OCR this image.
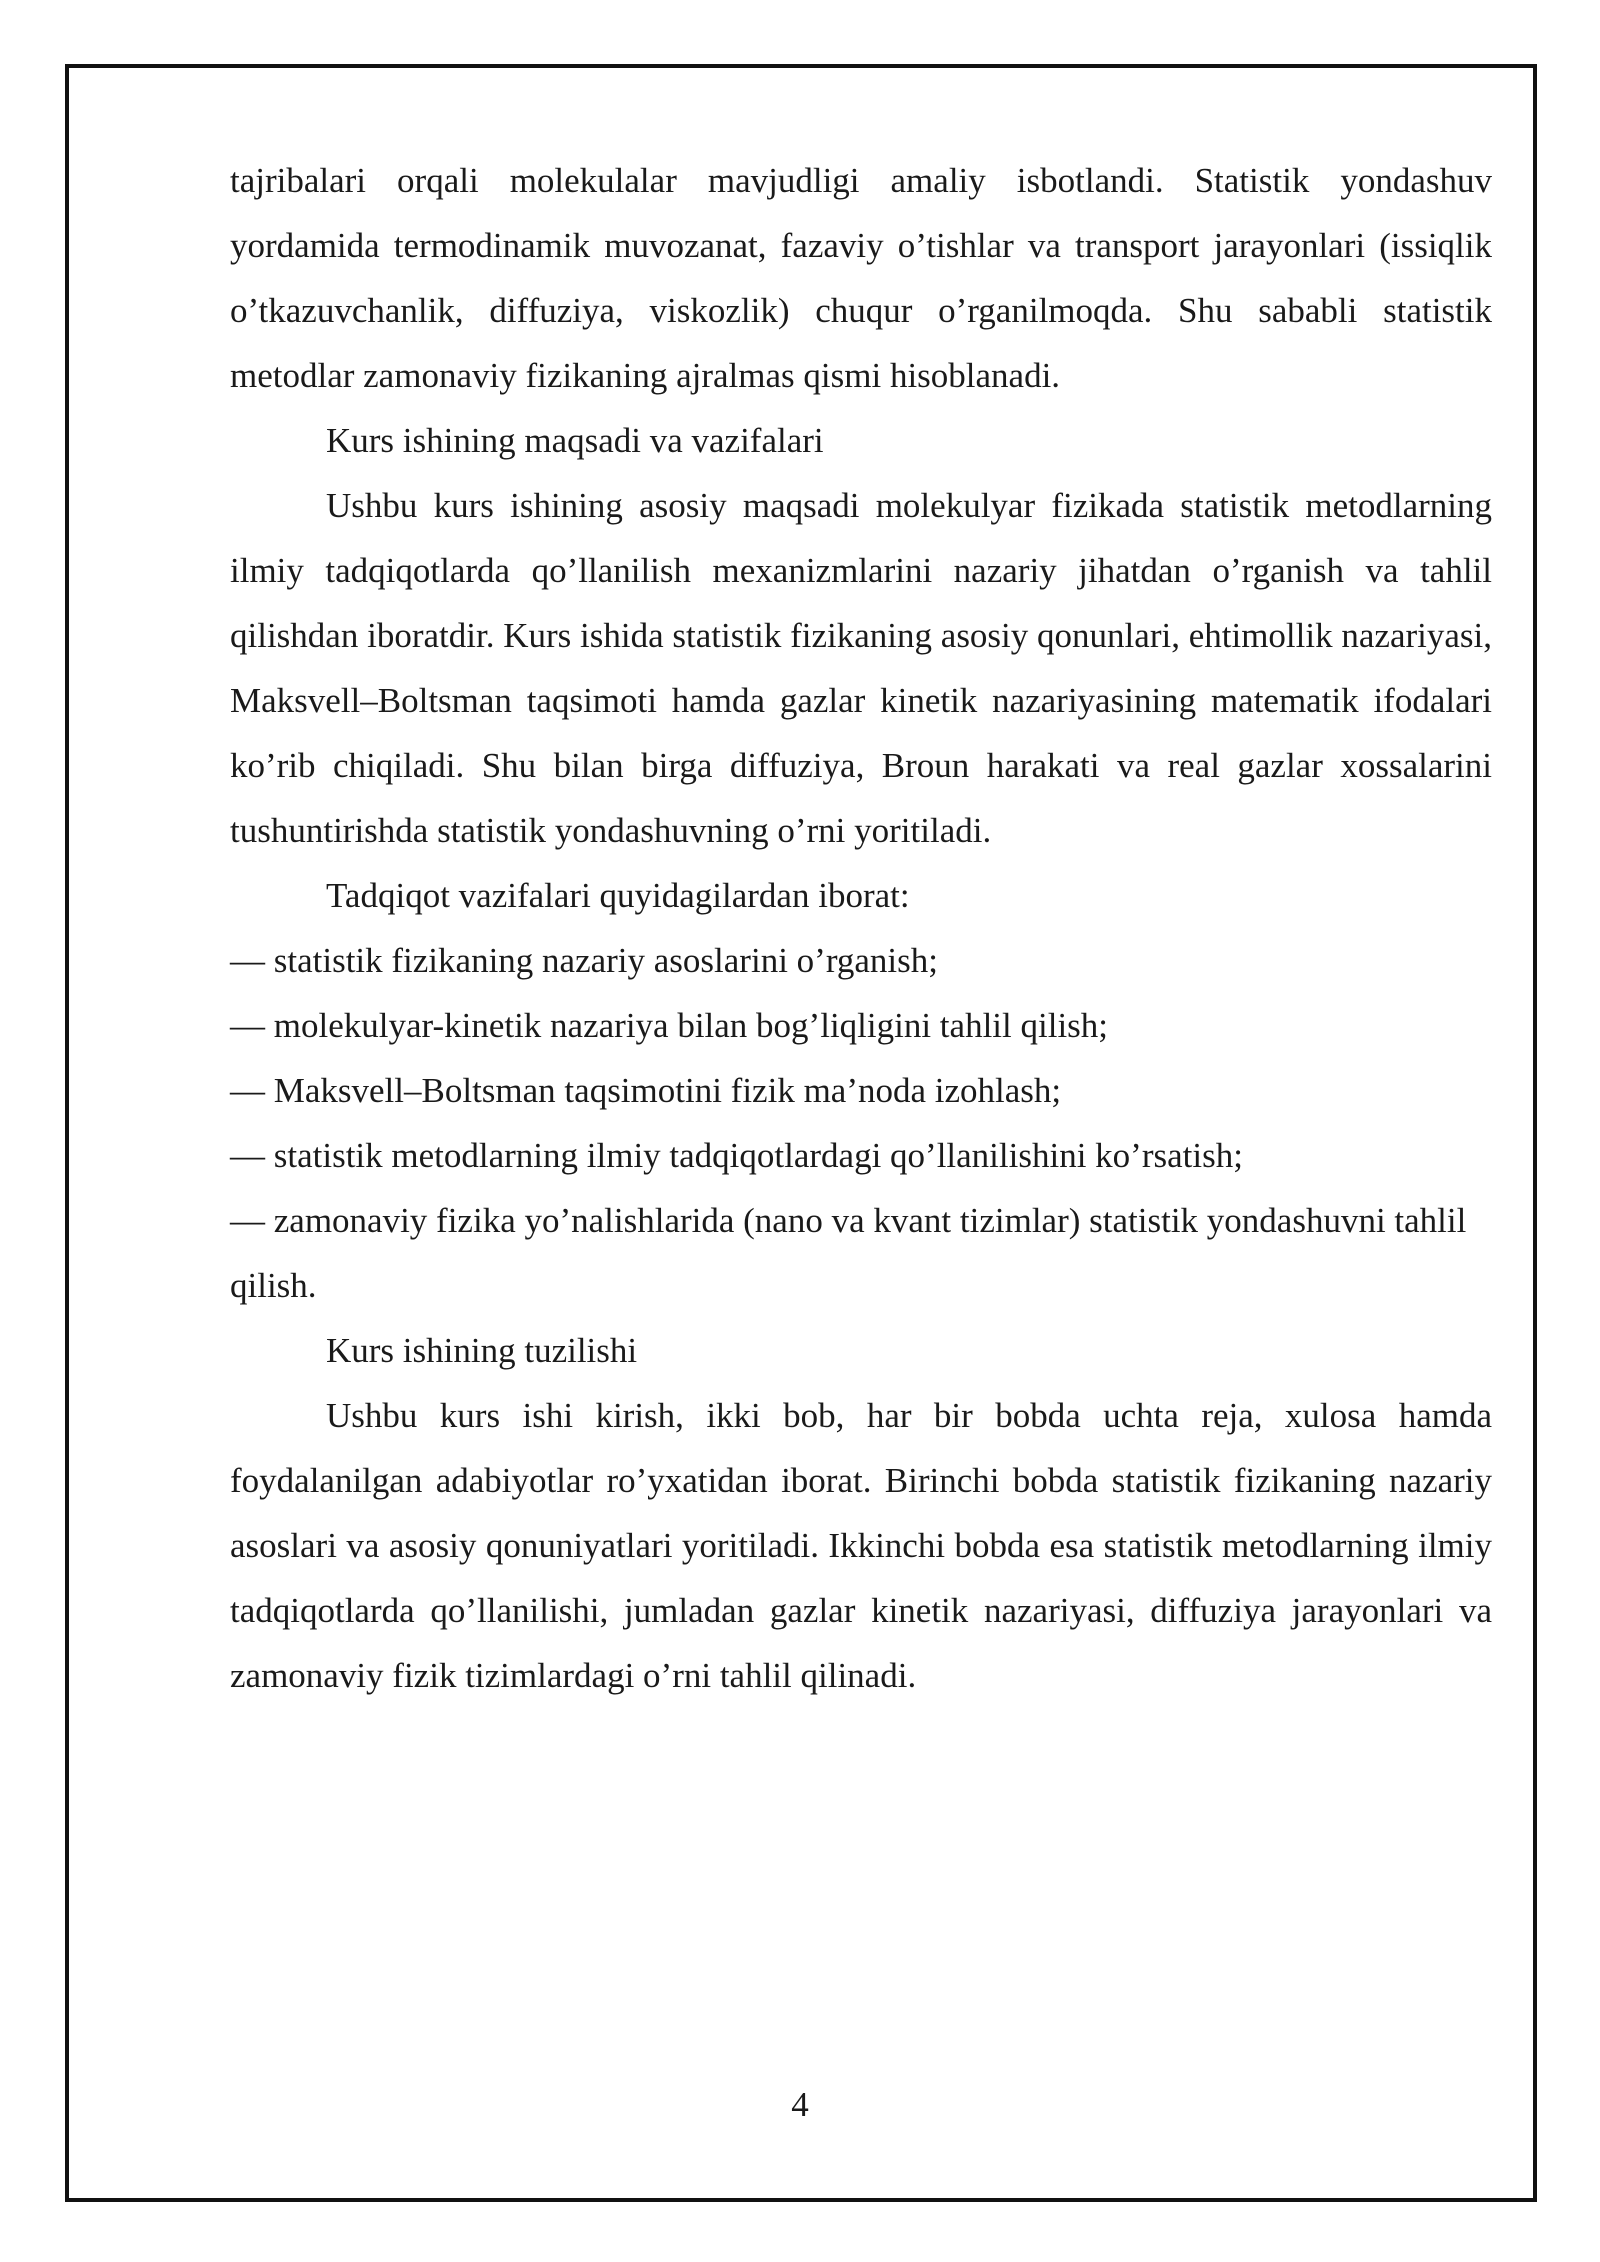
tajribalari orqali molekulalar mavjudligi amaliy isbotlandi. Statistik yondashuv yordamida termodinamik muvozanat, fazaviy o’tishlar va transport jarayonlari (issiqlik o’tkazuvchanlik, diffuziya, viskozlik) chuqur o’rganilmoqda. Shu sababli statistik metodlar zamonaviy fizikaning ajralmas qismi hisoblanadi.

Kurs ishining maqsadi va vazifalari

Ushbu kurs ishining asosiy maqsadi molekulyar fizikada statistik metodlarning ilmiy tadqiqotlarda qo’llanilish mexanizmlarini nazariy jihatdan o’rganish va tahlil qilishdan iboratdir. Kurs ishida statistik fizikaning asosiy qonunlari, ehtimollik nazariyasi, Maksvell–Boltsman taqsimoti hamda gazlar kinetik nazariyasining matematik ifodalari ko’rib chiqiladi. Shu bilan birga diffuziya, Broun harakati va real gazlar xossalarini tushuntirishda statistik yondashuvning o’rni yoritiladi.

Tadqiqot vazifalari quyidagilardan iborat:

— statistik fizikaning nazariy asoslarini o’rganish;

— molekulyar-kinetik nazariya bilan bog’liqligini tahlil qilish;

— Maksvell–Boltsman taqsimotini fizik ma’noda izohlash;

— statistik metodlarning ilmiy tadqiqotlardagi qo’llanilishini ko’rsatish;

— zamonaviy fizika yo’nalishlarida (nano va kvant tizimlar) statistik yondashuvni tahlil qilish.

Kurs ishining tuzilishi

Ushbu kurs ishi kirish, ikki bob, har bir bobda uchta reja, xulosa hamda foydalanilgan adabiyotlar ro’yxatidan iborat. Birinchi bobda statistik fizikaning nazariy asoslari va asosiy qonuniyatlari yoritiladi. Ikkinchi bobda esa statistik metodlarning ilmiy tadqiqotlarda qo’llanilishi, jumladan gazlar kinetik nazariyasi, diffuziya jarayonlari va zamonaviy fizik tizimlardagi o’rni tahlil qilinadi.

4
